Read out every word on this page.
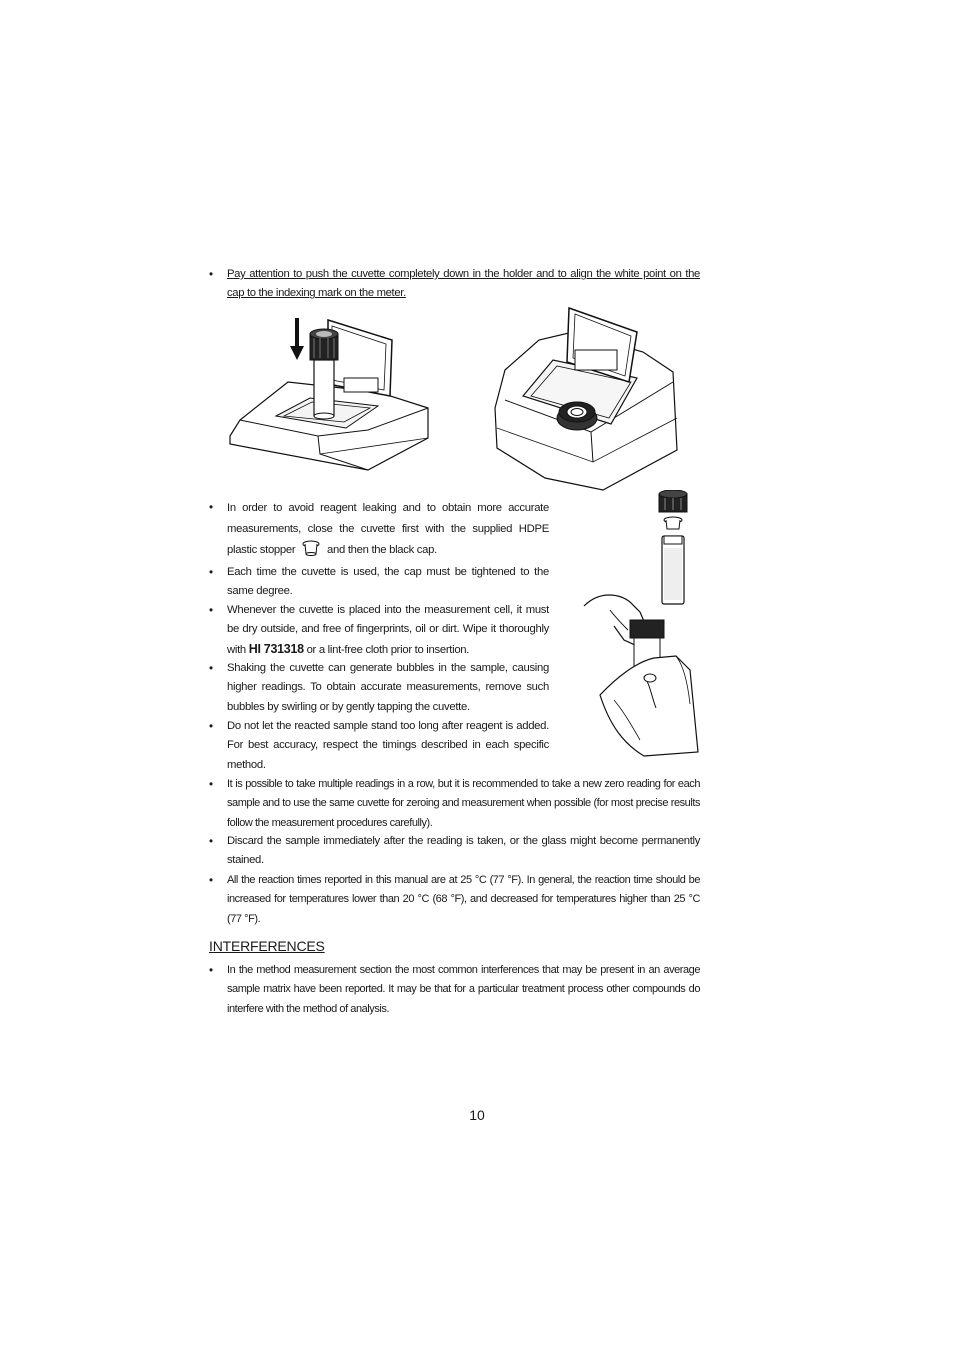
•	Pay attention to push the cuvette completely down in the holder and to align the white point on the cap to the indexing mark on the meter.
•	In order to avoid reagent leaking and to obtain more accurate measurements, close the cuvette first with the supplied HDPE plastic stopper	and then the black cap.
•	Each time the cuvette is used, the cap must be tightened to the same degree.
•	Whenever the cuvette is placed into the measurement cell, it must be dry outside, and free of fingerprints, oil or dirt. Wipe it thoroughly with HI 731318 or a lint-free cloth prior to insertion.
•	Shaking the cuvette can generate bubbles in the sample, causing higher readings. To obtain accurate measurements, remove such bubbles by swirling or by gently tapping the cuvette.
•	Do not let the reacted sample stand too long after reagent is added. For best accuracy, respect the timings described in each specific method.
•	It is possible to take multiple readings in a row, but it is recommended to take a new zero reading for each sample and to use the same cuvette for zeroing and measurement when possible (for most precise results follow the measurement procedures carefully).
•	Discard the sample immediately after the reading is taken, or the glass might become permanently stained.
•	All the reaction times reported in this manual are at 25 °C (77 °F). In general, the reaction time should be increased for temperatures lower than 20 °C (68 °F), and decreased for temperatures higher than 25 °C (77 °F).
INTERFERENCES
•	In the method measurement section the most common interferences that may be present in an average sample matrix have been reported. It may be that for a particular treatment process other compounds do interfere with the method of analysis.
10
